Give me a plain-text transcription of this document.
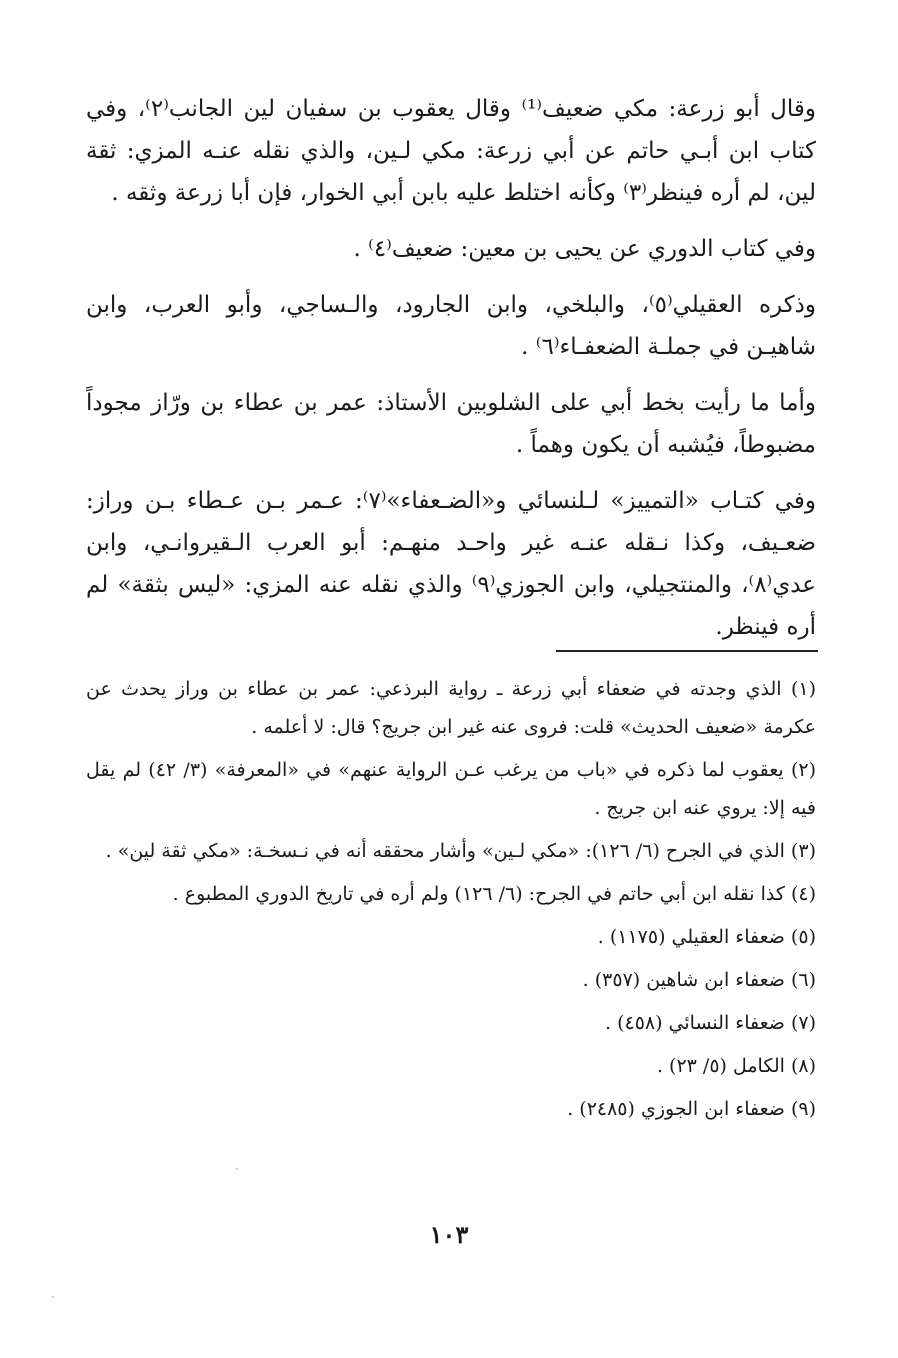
وقال أبو زرعة: مكي ضعيف⁽¹⁾ وقال يعقوب بن سفيان لين الجانب⁽٢⁾، وفي كتاب ابن أبـي حاتم عن أبي زرعة: مكي لـين، والذي نقله عنـه المزي: ثقة لين، لم أره فينظر⁽٣⁾ وكأنه اختلط عليه بابن أبي الخوار، فإن أبا زرعة وثقه .

وفي كتاب الدوري عن يحيى بن معين: ضعيف⁽٤⁾ .

وذكره العقيلي⁽٥⁾، والبلخي، وابن الجارود، والـساجي، وأبو العرب، وابن شاهيـن في جملـة الضعفـاء⁽٦⁾ .

وأما ما رأيت بخط أبي على الشلوبين الأستاذ: عمر بن عطاء بن ورّاز مجوداً مضبوطاً، فيُشبه أن يكون وهماً .

وفي كتـاب «التمييز» لـلنسائي و«الضـعفاء»⁽٧⁾: عـمر بـن عـطاء بـن وراز: ضعـيف، وكذا نـقله عنـه غير واحـد منهـم: أبو العرب الـقيروانـي، وابن عدي⁽٨⁾، والمنتجيلي، وابن الجوزي⁽٩⁾ والذي نقله عنه المزي: «ليس بثقة» لم أره فينظر.

(١) الذي وجدته في ضعفاء أبي زرعة ـ رواية البرذعي: عمر بن عطاء بن وراز يحدث عن عكرمة «ضعيف الحديث» قلت: فروى عنه غير ابن جريج؟ قال: لا أعلمه .
(٢) يعقوب لما ذكره في «باب من يرغب عـن الرواية عنهم» في «المعرفة» (٣/ ٤٢) لم يقل فيه إلا: يروي عنه ابن جريج .
(٣) الذي في الجرح (٦/ ١٢٦): «مكي لـين» وأشار محققه أنه في نـسخـة: «مكي ثقة لين» .
(٤) كذا نقله ابن أبي حاتم في الجرح: (٦/ ١٢٦) ولم أره في تاريخ الدوري المطبوع .
(٥) ضعفاء العقيلي (١١٧٥) .
(٦) ضعفاء ابن شاهين (٣٥٧) .
(٧) ضعفاء النسائي (٤٥٨) .
(٨) الكامل (٥/ ٢٣) .
(٩) ضعفاء ابن الجوزي (٢٤٨٥) .
١٠٣
